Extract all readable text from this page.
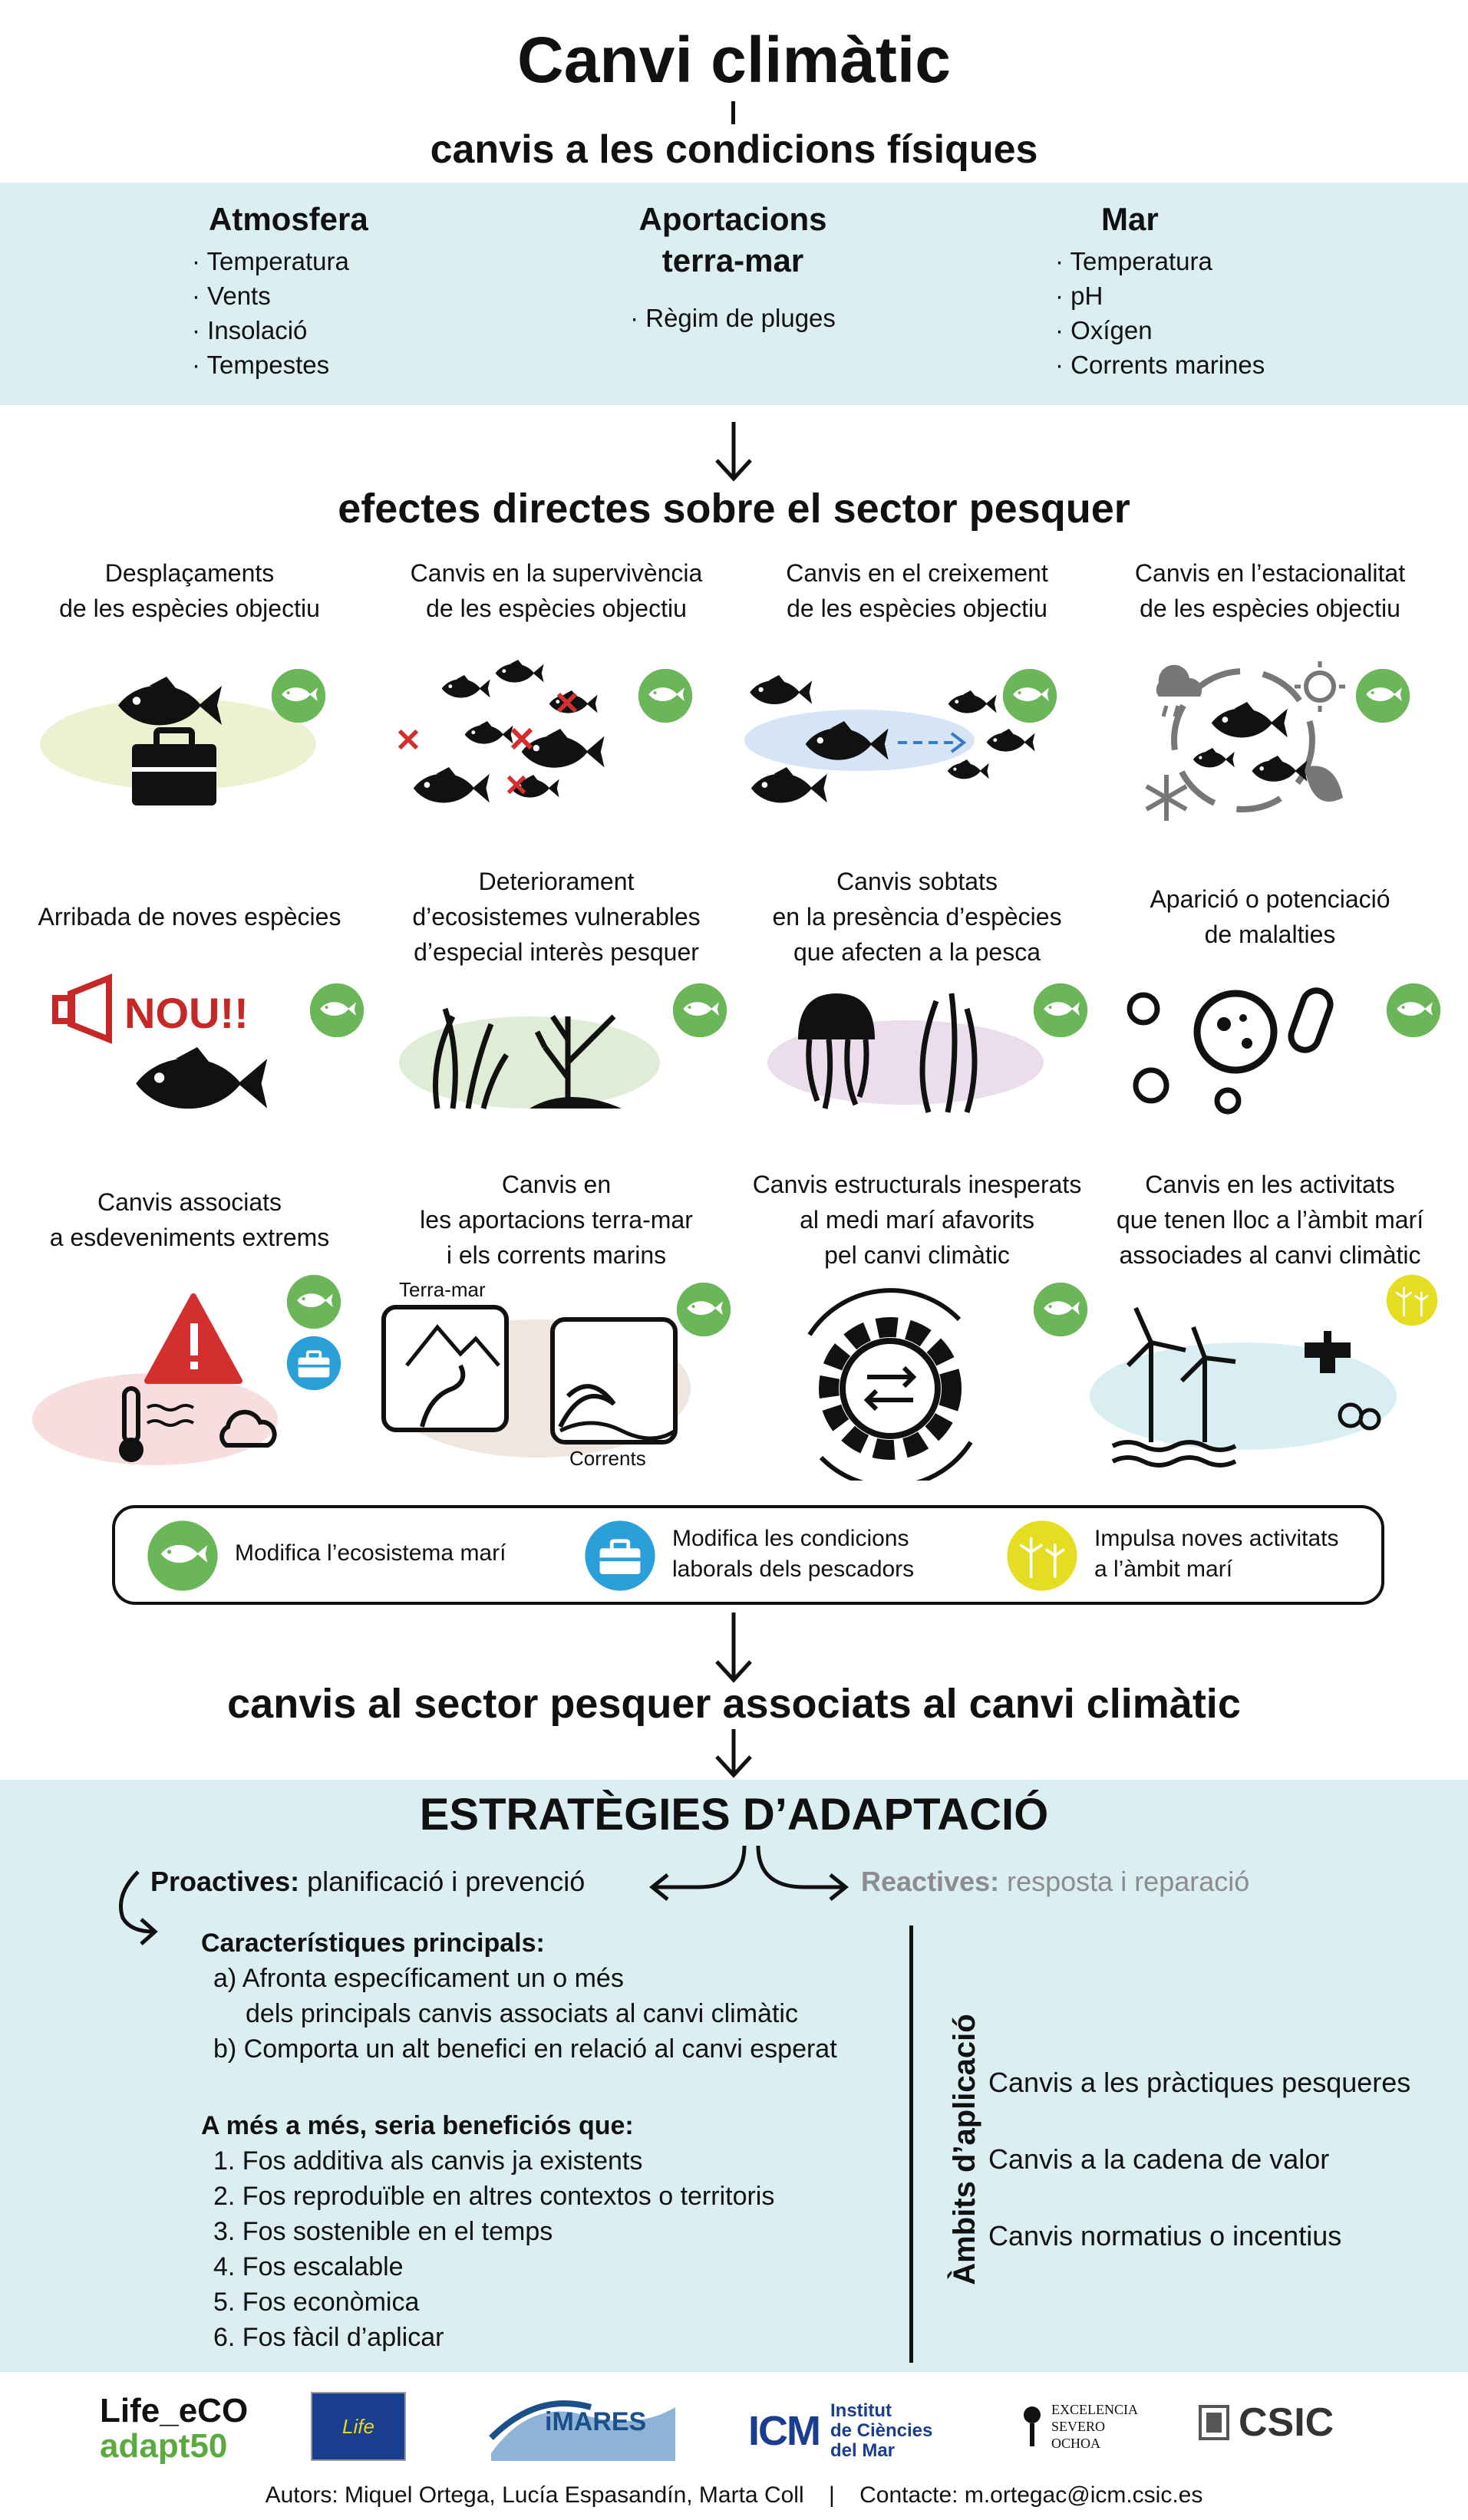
Canvi climàtic
canvis a les condicions físiques
Atmosfera
· Temperatura
· Vents
· Insolació
· Tempestes
Aportacions
terra-mar
· Règim de pluges
Mar
· Temperatura
· pH
· Oxígen
· Corrents marines
efectes directes sobre el sector pesquer
Desplaçaments
de les espècies objectiu
Canvis en la supervivència
de les espècies objectiu
Canvis en el creixement
de les espècies objectiu
Canvis en l’estacionalitat
de les espècies objectiu
Arribada de noves espècies
NOU!!
Deteriorament
d’ecosistemes vulnerables
d’especial interès pesquer
Canvis sobtats
en la presència d’espècies
que afecten a la pesca
Aparició o potenciació
de malalties
Canvis associats
a esdeveniments extrems
Canvis en
les aportacions terra-mar
i els corrents marins
Terra-mar
Corrents
Canvis estructurals inesperats
al medi marí afavorits
pel canvi climàtic
Canvis en les activitats
que tenen lloc a l’àmbit marí
associades al canvi climàtic
Modifica l’ecosistema marí
Modifica les condicions
laborals dels pescadors
Impulsa noves activitats
a l’àmbit marí
canvis al sector pesquer associats al canvi climàtic
ESTRATÈGIES D’ADAPTACIÓ
Proactives: planificació i prevenció	Reactives: resposta i reparació
Característiques principals:
a) Afronta específicament un o més
dels principals canvis associats al canvi climàtic
b) Comporta un alt benefici en relació al canvi esperat
A més a més, seria beneficiós que:
1. Fos additiva als canvis ja existents
2. Fos reproduïble en altres contextos o territoris
3. Fos sostenible en el temps
4. Fos escalable
5. Fos econòmica
6. Fos fàcil d’aplicar
Àmbits d’aplicació Canvis a les pràctiques pesqueres
Canvis a la cadena de valor
Canvis normatius o incentius
Life_eCO
adapt50
Life	iMARES ICM Institut
de Ciències
del Mar
EXCELENCIA
SEVERO
OCHOA	CSIC
Autors: Miquel Ortega, Lucía Espasandín, Marta Coll | Contacte: m.ortegac@icm.csic.es
